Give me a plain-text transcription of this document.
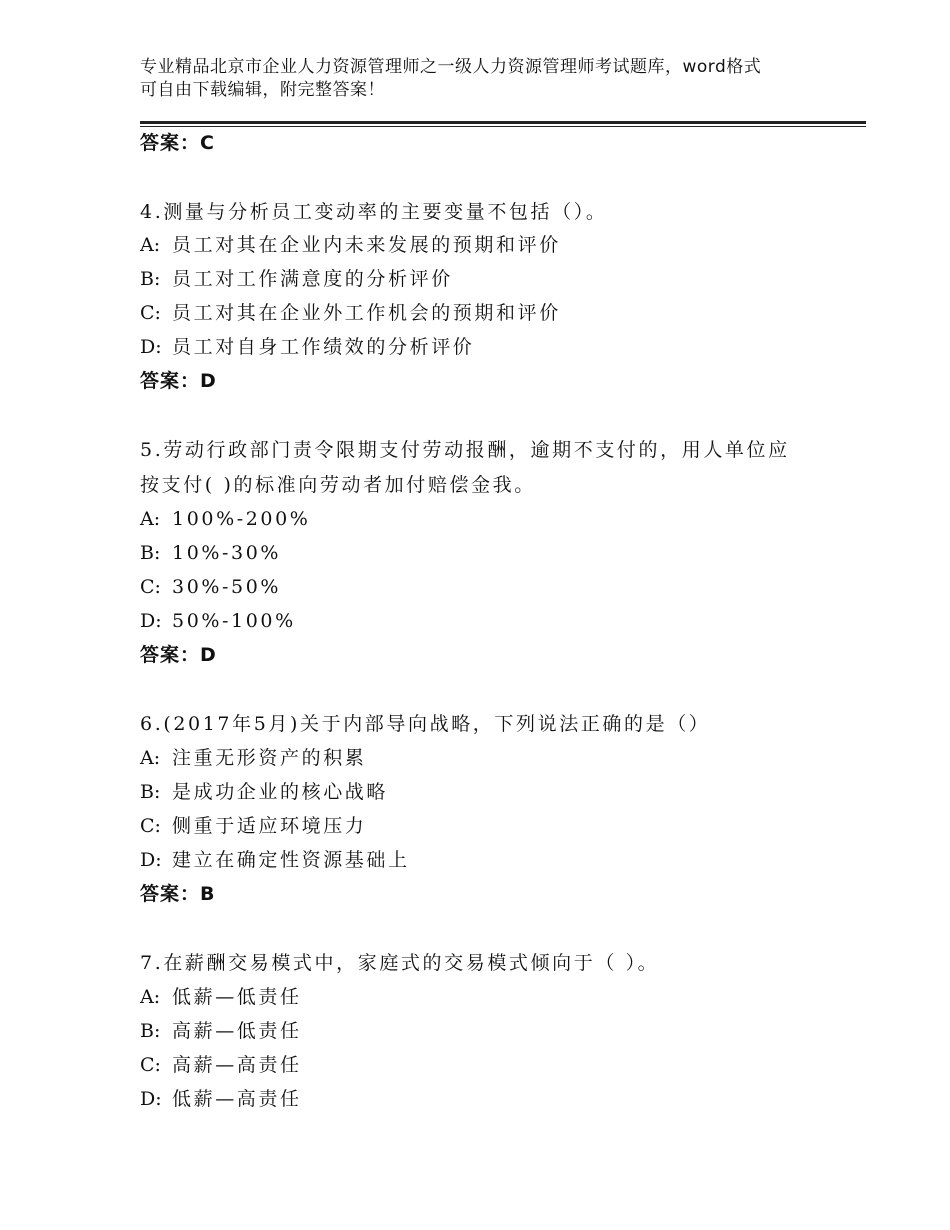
专业精品北京市企业人力资源管理师之一级人力资源管理师考试题库，word格式
可自由下载编辑，附完整答案！
答案：C
4.测量与分析员工变动率的主要变量不包括（）。
A: 员工对其在企业内未来发展的预期和评价
B: 员工对工作满意度的分析评价
C: 员工对其在企业外工作机会的预期和评价
D: 员工对自身工作绩效的分析评价
答案：D
5.劳动行政部门责令限期支付劳动报酬，逾期不支付的，用人单位应
按支付( )的标准向劳动者加付赔偿金我。
A: 100%-200%
B: 10%-30%
C: 30%-50%
D: 50%-100%
答案：D
6.(2017年5月)关于内部导向战略，下列说法正确的是（）
A: 注重无形资产的积累
B: 是成功企业的核心战略
C: 侧重于适应环境压力
D: 建立在确定性资源基础上
答案：B
7.在薪酬交易模式中，家庭式的交易模式倾向于（ ）。
A: 低薪—低责任
B: 高薪—低责任
C: 高薪—高责任
D: 低薪—高责任
